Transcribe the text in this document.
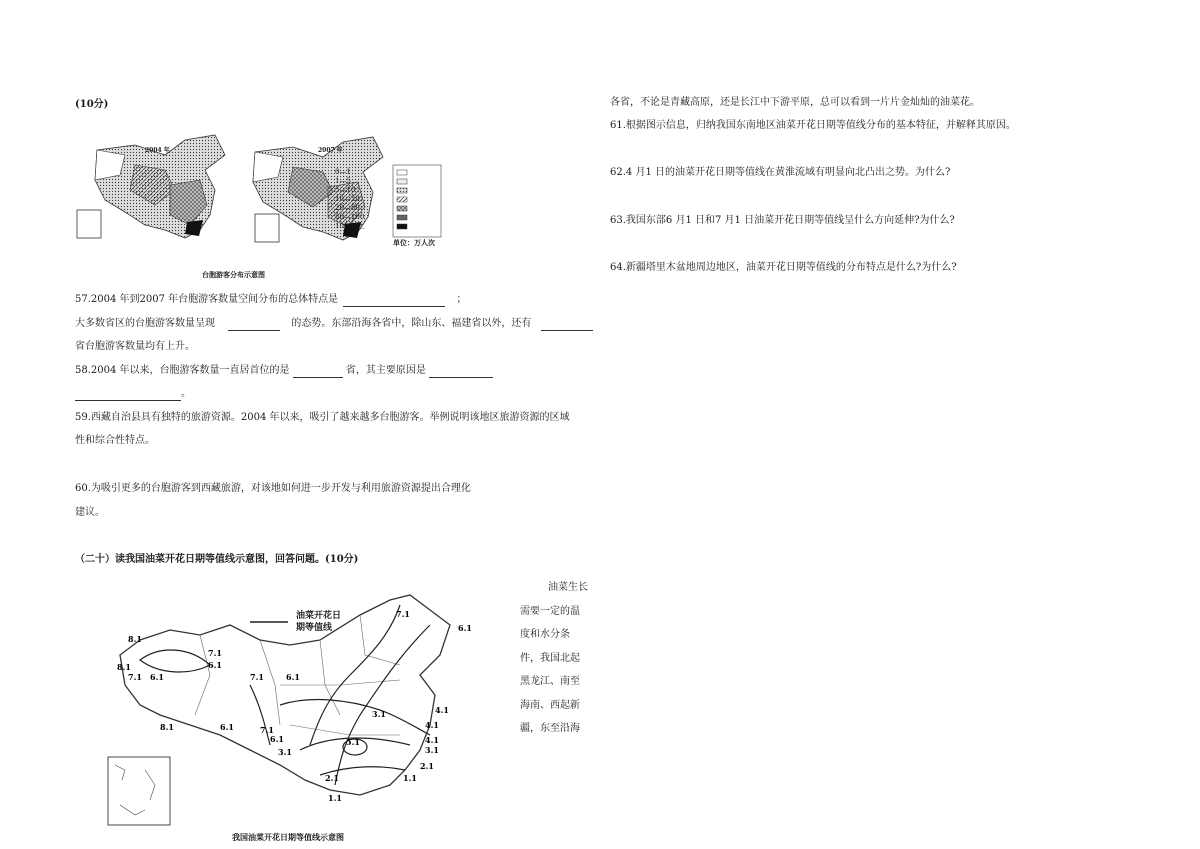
(10分)
2004 年	2007 年
0—1
1—5
5—10
10—20
20—80
80—100
100 以上
单位：万人次
台胞游客分布示意图
57.2004 年到2007 年台胞游客数量空间分布的总体特点是	；
大多数省区的台胞游客数量呈现	的态势。东部沿海各省中，除山东、福建省以外，还有
省台胞游客数量均有上升。
58.2004 年以来，台胞游客数量一直居首位的是	省，其主要原因是
。
59.西藏自治县具有独特的旅游资源。2004 年以来，吸引了越来越多台胞游客。举例说明该地区旅游资源的区域
性和综合性特点。
60.为吸引更多的台胞游客到西藏旅游，对该地如何进一步开发与利用旅游资源提出合理化
建议。
（二十）读我国油菜开花日期等值线示意图，回答问题。(10分)
油菜生长
需要一定的温
度和水分条
件，我国北起
黑龙江、南至
海南、西起新
疆，东至沿海
7.1
6.1
8.1
7.1
6.1
8.1
7.1 6.1	7.1	6.1
8.1	6.1	7.1	4.1
5.1
3.1
6.1	4.1
3.1
2.1
2.1
1.1
1.1
4.1
3.1
油菜开花日
期等值线
我国油菜开花日期等值线示意图
各省，不论是青藏高原，还是长江中下游平原，总可以看到一片片金灿灿的油菜花。
61.根据图示信息，归纳我国东南地区油菜开花日期等值线分布的基本特征，并解释其原因。
62.4 月1 日的油菜开花日期等值线在黄淮流域有明显向北凸出之势。为什么?
63.我国东部6 月1 日和7 月1 日油菜开花日期等值线呈什么方向延伸?为什么?
64.新疆塔里木盆地周边地区，油菜开花日期等值线的分布特点是什么?为什么?
